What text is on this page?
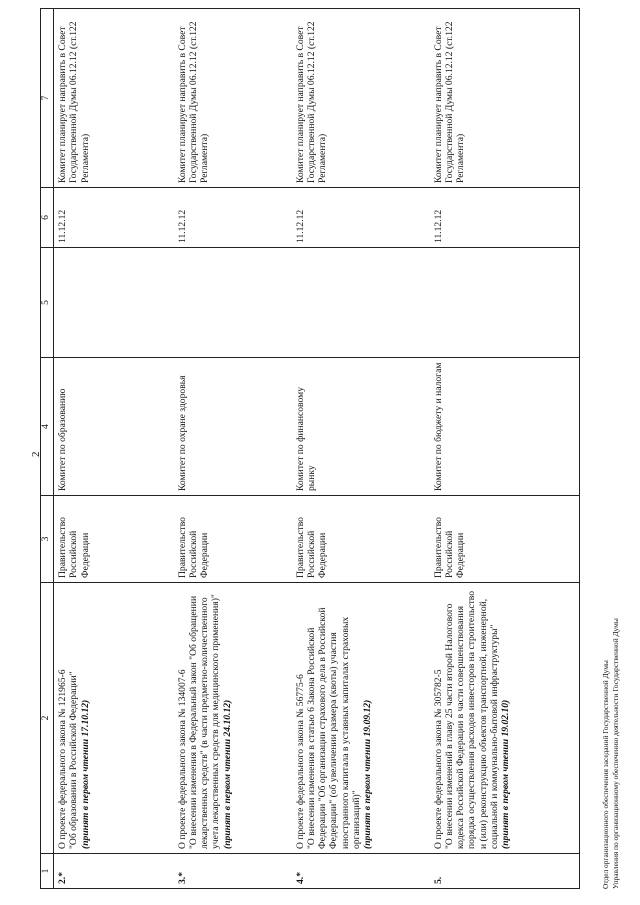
2
1	2	3	4	5	6	7
2.*	О проекте федерального закона № 121965-6 "Об образовании в Российской Федерации" (принят в первом чтении 17.10.12)	Правительство Российской Федерации	Комитет по образованию		11.12.12	Комитет планирует направить в Совет Государственной Думы 06.12.12 (ст.122 Регламента)
3.*	О проекте федерального закона № 134007-6 "О внесении изменения в Федеральный закон "Об обращении лекарственных средств" (в части предметно-количественного учета лекарственных средств для медицинского применения)" (принят в первом чтении 24.10.12)	Правительство Российской Федерации	Комитет по охране здоровья		11.12.12	Комитет планирует направить в Совет Государственной Думы 06.12.12 (ст.122 Регламента)
4.*	О проекте федерального закона № 56775-6 "О внесении изменения в статью 6 Закона Российской Федерации "Об организации страхового дела в Российской Федерации" (об увеличении размера (квоты) участия иностранного капитала в уставных капиталах страховых организаций)" (принят в первом чтении 19.09.12)	Правительство Российской Федерации	Комитет по финансовому рынку		11.12.12	Комитет планирует направить в Совет Государственной Думы 06.12.12 (ст.122 Регламента)
5.	О проекте федерального закона № 305782-5 "О внесении изменений в главу 25 части второй Налогового кодекса Российской Федерации в части совершенствования порядка осуществления расходов инвесторов на строительство и (или) реконструкцию объектов транспортной, инженерной, социальной и коммунально-бытовой инфраструктуры" (принят в первом чтении 19.02.10)	Правительство Российской Федерации	Комитет по бюджету и налогам		11.12.12	Комитет планирует направить в Совет Государственной Думы 06.12.12 (ст.122 Регламента)
Отдел организационного обеспечения заседаний Государственной Думы Управления по организационному обеспечению деятельности Государственной Думы
